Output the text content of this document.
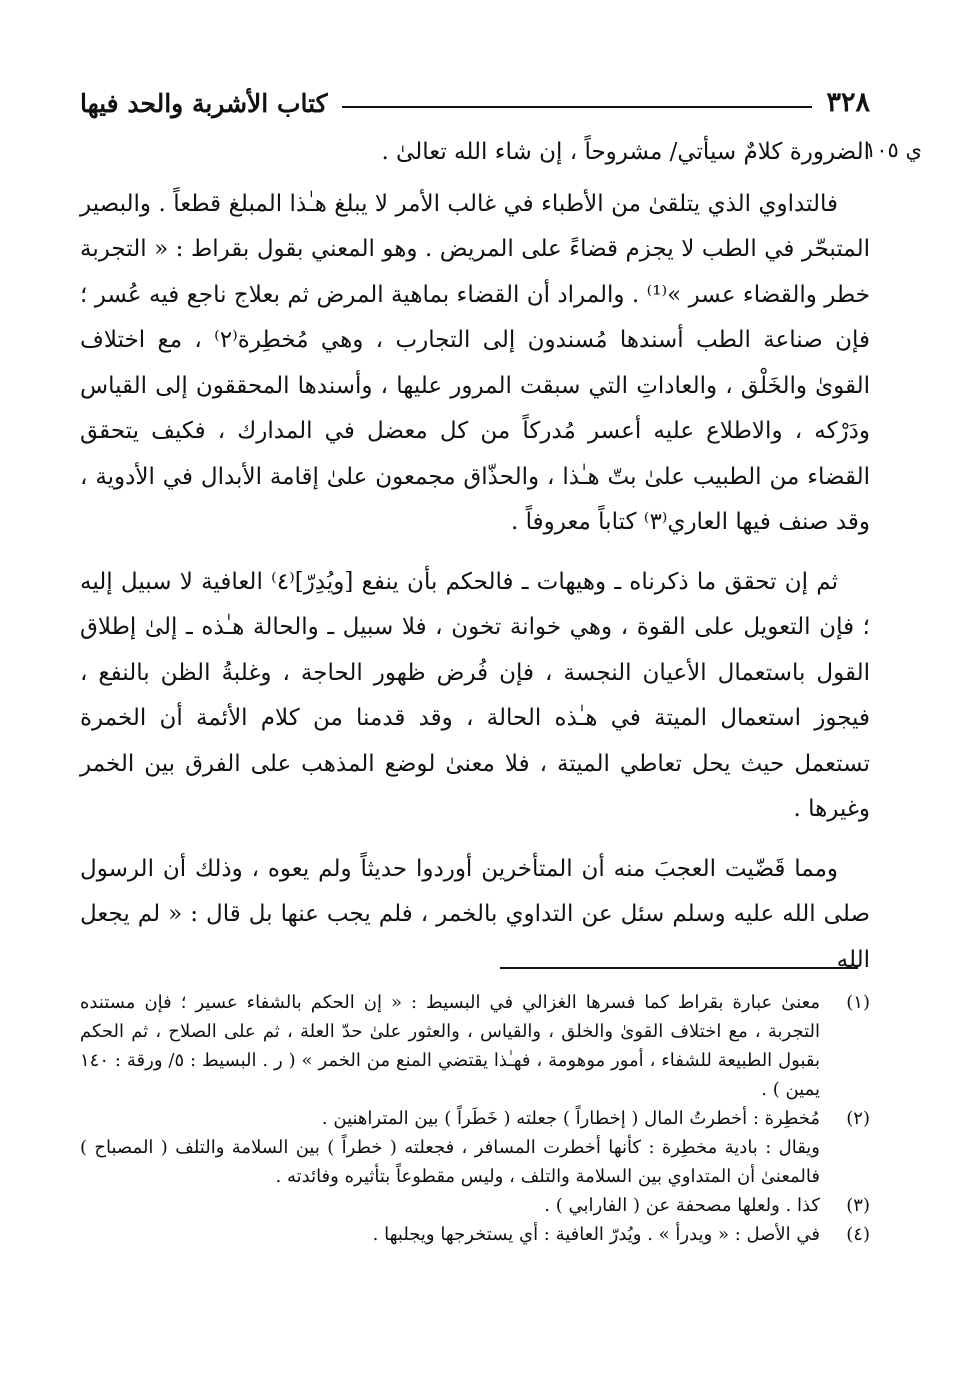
٣٢٨
كتاب الأشربة والحد فيها
ي ١٠٥

الضرورة كلامٌ سيأتي/ مشروحاً ، إن شاء الله تعالىٰ .

فالتداوي الذي يتلقىٰ من الأطباء في غالب الأمر لا يبلغ هـٰذا المبلغ قطعاً . والبصير المتبحّر في الطب لا يجزم قضاءً على المريض . وهو المعني بقول بقراط : « التجربة خطر والقضاء عسر »⁽¹⁾ . والمراد أن القضاء بماهية المرض ثم بعلاج ناجع فيه عُسر ؛ فإن صناعة الطب أسندها مُسندون إلى التجارب ، وهي مُخطِرة⁽٢⁾ ، مع اختلاف القوىٰ والخَلْق ، والعاداتِ التي سبقت المرور عليها ، وأسندها المحققون إلى القياس ودَرْكه ، والاطلاع عليه أعسر مُدركاً من كل معضل في المدارك ، فكيف يتحقق القضاء من الطبيب علىٰ بتّ هـٰذا ، والحذّاق مجمعون علىٰ إقامة الأبدال في الأدوية ، وقد صنف فيها العاري⁽٣⁾ كتاباً معروفاً .

ثم إن تحقق ما ذكرناه ـ وهيهات ـ فالحكم بأن ينفع [ويُدِرّ]⁽٤⁾ العافية لا سبيل إليه ؛ فإن التعويل على القوة ، وهي خوانة تخون ، فلا سبيل ـ والحالة هـٰذه ـ إلىٰ إطلاق القول باستعمال الأعيان النجسة ، فإن فُرض ظهور الحاجة ، وغلبةُ الظن بالنفع ، فيجوز استعمال الميتة في هـٰذه الحالة ، وقد قدمنا من كلام الأئمة أن الخمرة تستعمل حيث يحل تعاطي الميتة ، فلا معنىٰ لوضع المذهب على الفرق بين الخمر وغيرها .

ومما قَضّيت العجبَ منه أن المتأخرين أوردوا حديثاً ولم يعوه ، وذلك أن الرسول صلى الله عليه وسلم سئل عن التداوي بالخمر ، فلم يجب عنها بل قال : « لم يجعل الله

(١)
معنىٰ عبارة بقراط كما فسرها الغزالي في البسيط : « إن الحكم بالشفاء عسير ؛ فإن مستنده التجربة ، مع اختلاف القوىٰ والخلق ، والقياس ، والعثور علىٰ حدّ العلة ، ثم على الصلاح ، ثم الحكم بقبول الطبيعة للشفاء ، أمور موهومة ، فهـٰذا يقتضي المنع من الخمر » ( ر . البسيط : ٥/ ورقة : ١٤٠ يمين ) .
(٢)
مُخطِرة : أخطرتُ المال ( إخطاراً ) جعلته ( خَطَراً ) بين المتراهنين .
ويقال : بادية مخطِرة : كأنها أخطرت المسافر ، فجعلته ( خطراً ) بين السلامة والتلف ( المصباح ) فالمعنىٰ أن المتداوي بين السلامة والتلف ، وليس مقطوعاً بتأثيره وفائدته .
(٣)
كذا . ولعلها مصحفة عن ( الفارابي ) .
(٤)
في الأصل : « ويدرأ » . ويُدرّ العافية : أي يستخرجها ويجلبها .
